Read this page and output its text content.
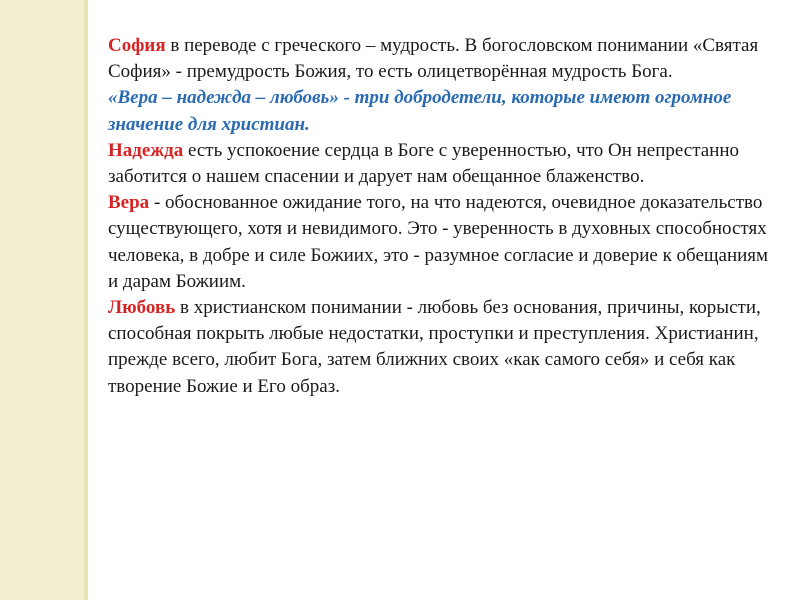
София в переводе с греческого – мудрость. В богословском понимании «Святая София» - премудрость Божия, то есть олицетворённая мудрость Бога.

«Вера – надежда – любовь» - три добродетели, которые имеют огромное значение для христиан.

Надежда есть успокоение сердца в Боге с уверенностью, что Он непрестанно заботится о нашем спасении и дарует нам обещанное блаженство.

Вера - обоснованное ожидание того, на что надеются, очевидное доказательство существующего, хотя и невидимого. Это - уверенность в духовных способностях человека, в добре и силе Божиих, это - разумное согласие и доверие к обещаниям и дарам Божиим.

Любовь в христианском понимании - любовь без основания, причины, корысти, способная покрыть любые недостатки, проступки и преступления. Христианин, прежде всего, любит Бога, затем ближних своих «как самого себя» и себя как творение Божие и Его образ.
